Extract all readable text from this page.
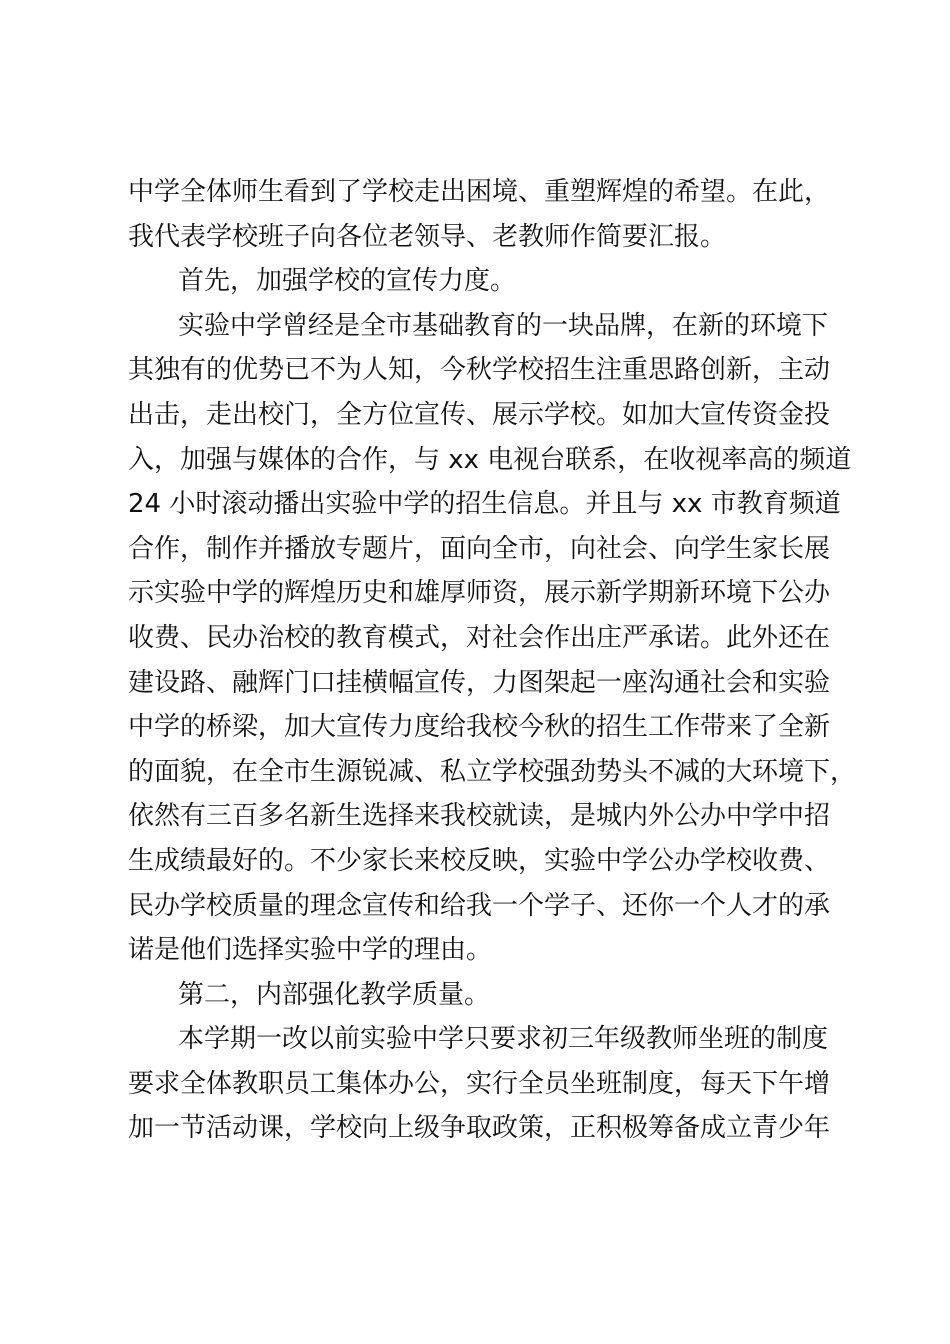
中学全体师生看到了学校走出困境、重塑辉煌的希望。在此，
我代表学校班子向各位老领导、老教师作简要汇报。
首先，加强学校的宣传力度。
实验中学曾经是全市基础教育的一块品牌，在新的环境下
其独有的优势已不为人知，今秋学校招生注重思路创新，主动
出击，走出校门，全方位宣传、展示学校。如加大宣传资金投
入，加强与媒体的合作，与 xx 电视台联系，在收视率高的频道
24 小时滚动播出实验中学的招生信息。并且与 xx 市教育频道
合作，制作并播放专题片，面向全市，向社会、向学生家长展
示实验中学的辉煌历史和雄厚师资，展示新学期新环境下公办
收费、民办治校的教育模式，对社会作出庄严承诺。此外还在
建设路、融辉门口挂横幅宣传，力图架起一座沟通社会和实验
中学的桥梁，加大宣传力度给我校今秋的招生工作带来了全新
的面貌，在全市生源锐减、私立学校强劲势头不减的大环境下，
依然有三百多名新生选择来我校就读，是城内外公办中学中招
生成绩最好的。不少家长来校反映，实验中学公办学校收费、
民办学校质量的理念宣传和给我一个学子、还你一个人才的承
诺是他们选择实验中学的理由。
第二，内部强化教学质量。
本学期一改以前实验中学只要求初三年级教师坐班的制度
要求全体教职员工集体办公，实行全员坐班制度，每天下午增
加一节活动课，学校向上级争取政策，正积极筹备成立青少年
